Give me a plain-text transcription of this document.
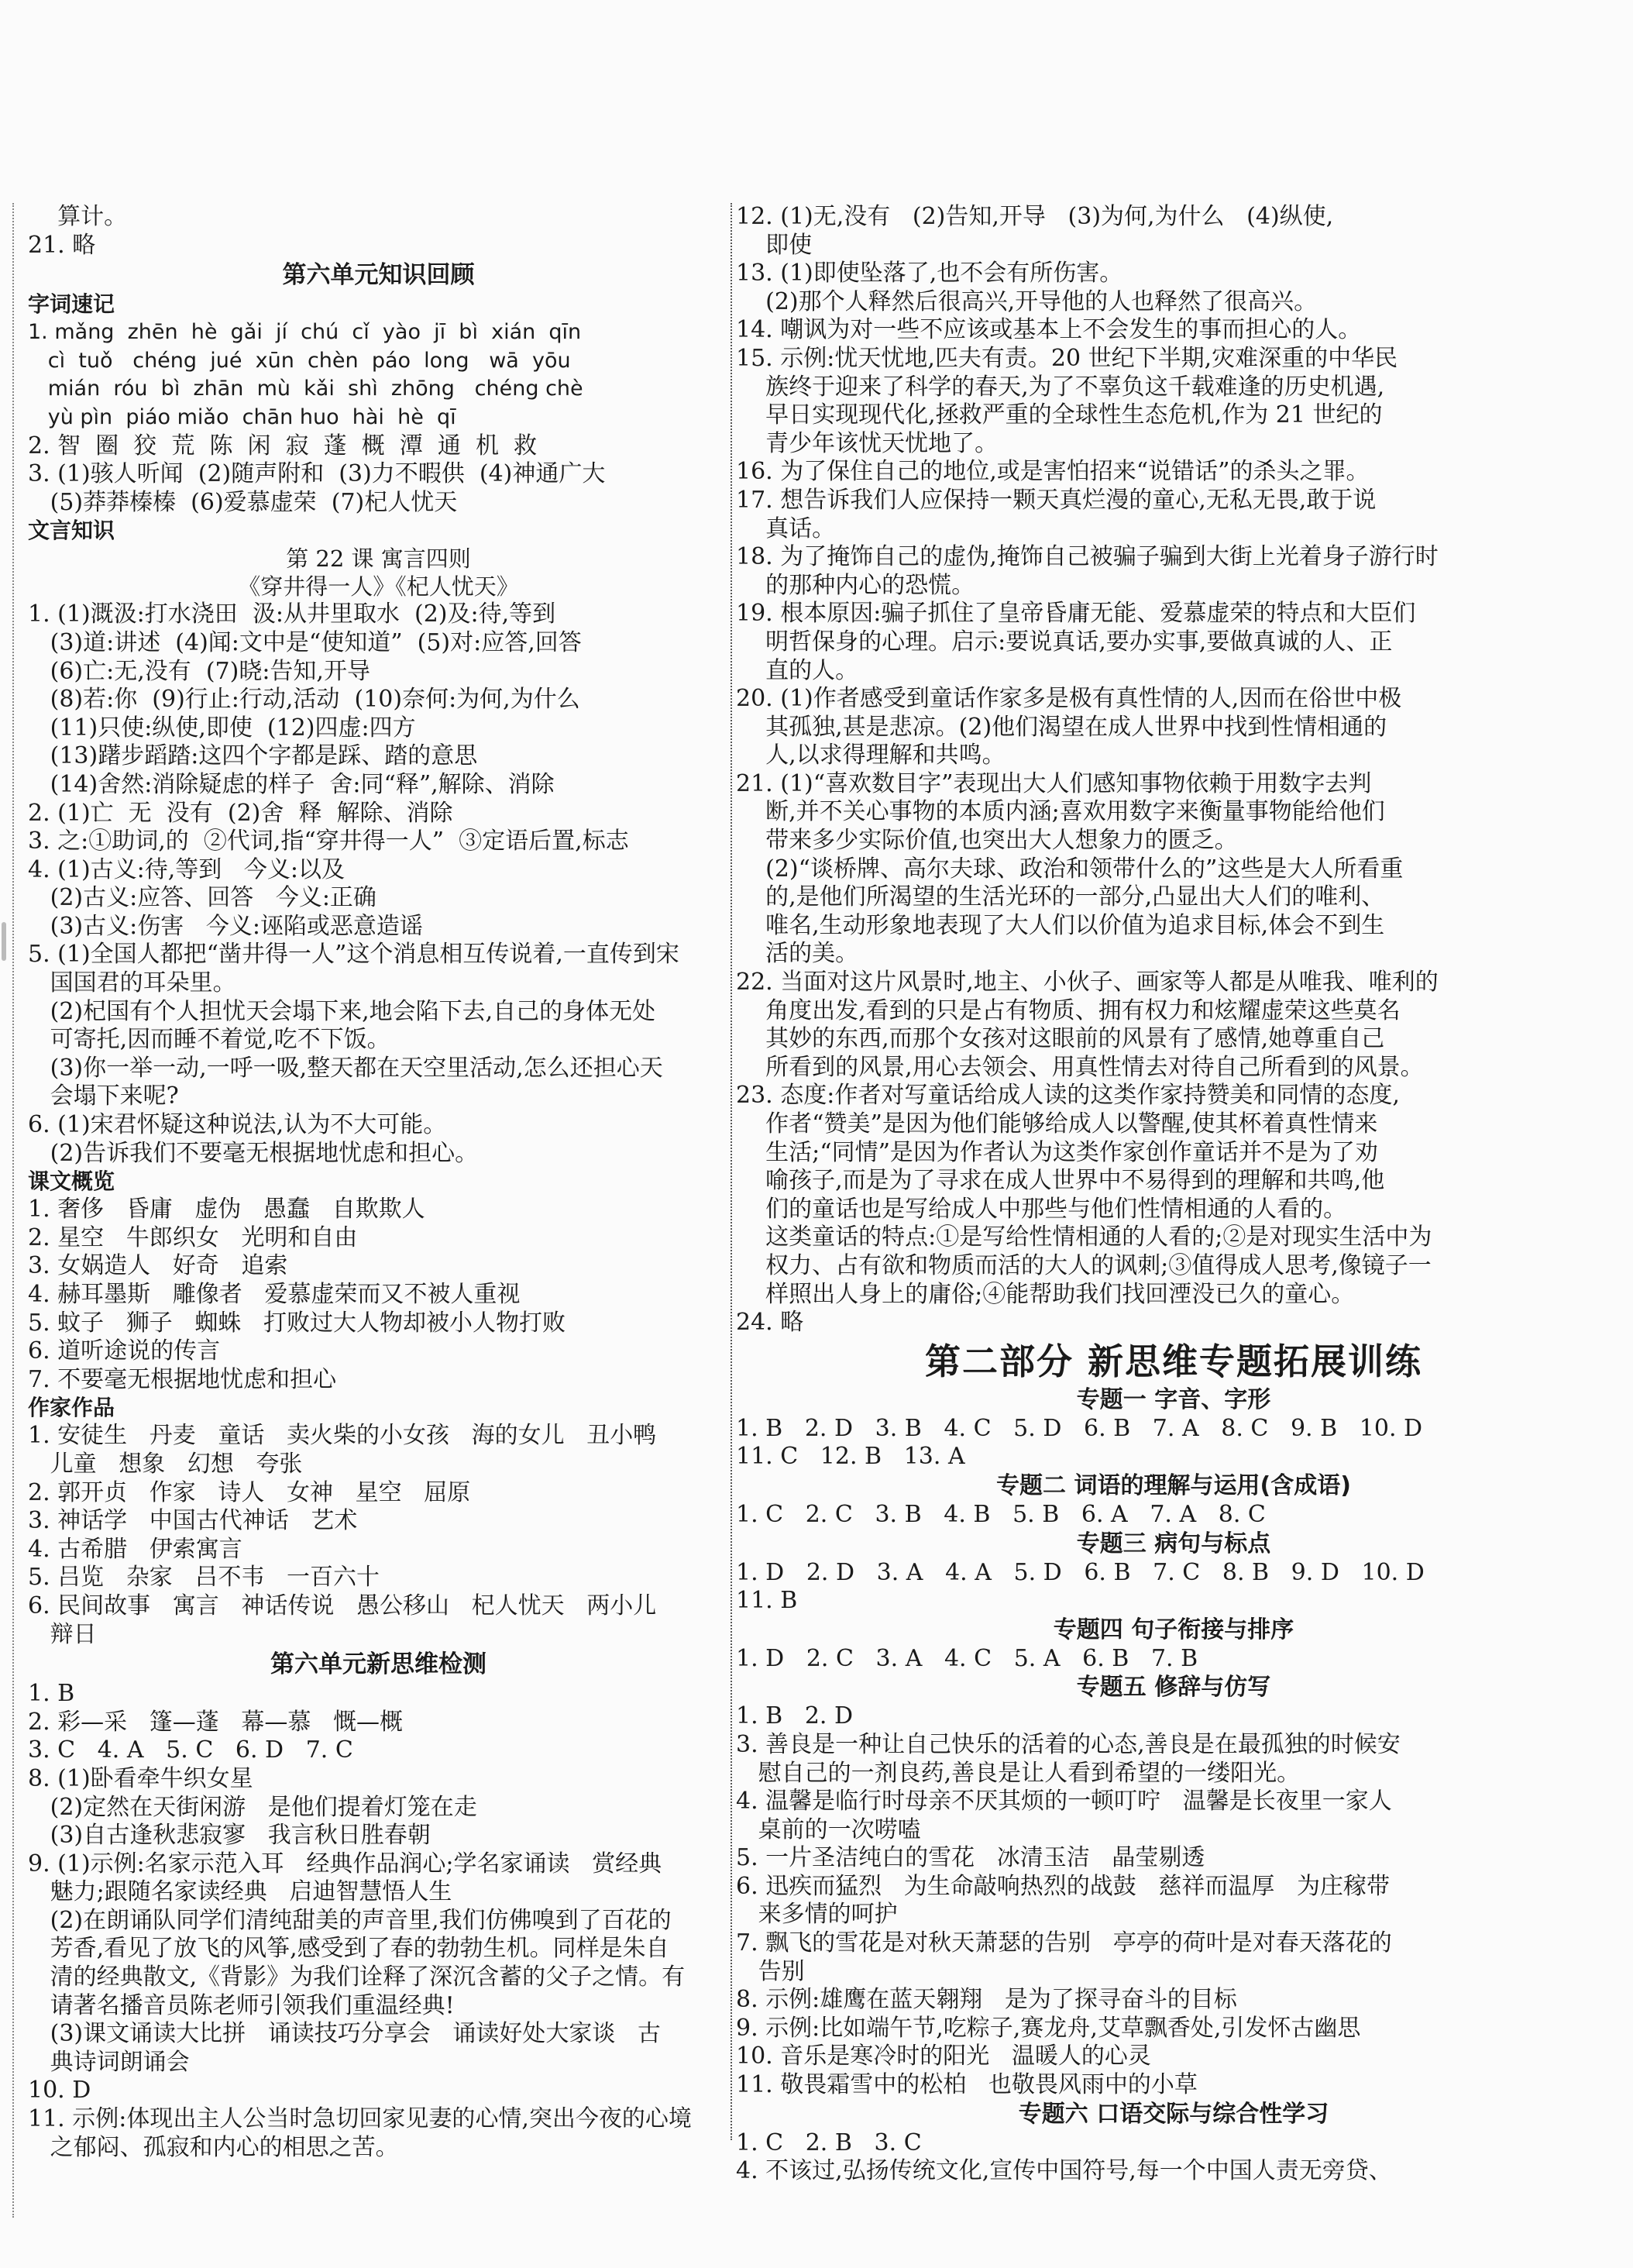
算计。
21. 略
第六单元知识回顾
字词速记
1. mǎng  zhēn  hè  gǎi  jí  chú  cǐ  yào  jī  bì  xián  qīn
cì  tuǒ   chéng  jué  xūn  chèn  páo  long   wā  yōu
mián  róu  bì  zhān  mù  kǎi  shì  zhōng   chéng chè
yù pìn  piáo miǎo  chān huo  hài  hè  qī
2. 智  圈  狡  荒  陈  闲  寂  蓬  概  潭  通  机  救
3. (1)骇人听闻  (2)随声附和  (3)力不暇供  (4)神通广大
(5)莽莽榛榛  (6)爱慕虚荣  (7)杞人忧天
文言知识
第 22 课 寓言四则
《穿井得一人》《杞人忧天》
1. (1)溉汲:打水浇田  汲:从井里取水  (2)及:待,等到
(3)道:讲述  (4)闻:文中是“使知道”  (5)对:应答,回答
(6)亡:无,没有  (7)晓:告知,开导
(8)若:你  (9)行止:行动,活动  (10)奈何:为何,为什么
(11)只使:纵使,即使  (12)四虚:四方
(13)躇步蹈踏:这四个字都是踩、踏的意思
(14)舍然:消除疑虑的样子  舍:同“释”,解除、消除
2. (1)亡  无  没有  (2)舍  释  解除、消除
3. 之:①助词,的  ②代词,指“穿井得一人”  ③定语后置,标志
4. (1)古义:待,等到   今义:以及
(2)古义:应答、回答   今义:正确
(3)古义:伤害   今义:诬陷或恶意造谣
5. (1)全国人都把“凿井得一人”这个消息相互传说着,一直传到宋
国国君的耳朵里。
(2)杞国有个人担忧天会塌下来,地会陷下去,自己的身体无处
可寄托,因而睡不着觉,吃不下饭。
(3)你一举一动,一呼一吸,整天都在天空里活动,怎么还担心天
会塌下来呢?
6. (1)宋君怀疑这种说法,认为不大可能。
(2)告诉我们不要毫无根据地忧虑和担心。
课文概览
1. 奢侈   昏庸   虚伪   愚蠢   自欺欺人
2. 星空   牛郎织女   光明和自由
3. 女娲造人   好奇   追索
4. 赫耳墨斯   雕像者   爱慕虚荣而又不被人重视
5. 蚊子   狮子   蜘蛛   打败过大人物却被小人物打败
6. 道听途说的传言
7. 不要毫无根据地忧虑和担心
作家作品
1. 安徒生   丹麦   童话   卖火柴的小女孩   海的女儿   丑小鸭
儿童   想象   幻想   夸张
2. 郭开贞   作家   诗人   女神   星空   屈原
3. 神话学   中国古代神话   艺术
4. 古希腊   伊索寓言
5. 吕览   杂家   吕不韦   一百六十
6. 民间故事   寓言   神话传说   愚公移山   杞人忧天   两小儿
辩日
第六单元新思维检测
1. B
2. 彩—采   篷—蓬   幕—慕   慨—概
3. C   4. A   5. C   6. D   7. C
8. (1)卧看牵牛织女星
(2)定然在天街闲游   是他们提着灯笼在走
(3)自古逢秋悲寂寥   我言秋日胜春朝
9. (1)示例:名家示范入耳   经典作品润心;学名家诵读   赏经典
魅力;跟随名家读经典   启迪智慧悟人生
(2)在朗诵队同学们清纯甜美的声音里,我们仿佛嗅到了百花的
芳香,看见了放飞的风筝,感受到了春的勃勃生机。同样是朱自
清的经典散文,《背影》为我们诠释了深沉含蓄的父子之情。有
请著名播音员陈老师引领我们重温经典!
(3)课文诵读大比拼   诵读技巧分享会   诵读好处大家谈   古
典诗词朗诵会
10. D
11. 示例:体现出主人公当时急切回家见妻的心情,突出今夜的心境
之郁闷、孤寂和内心的相思之苦。
12. (1)无,没有   (2)告知,开导   (3)为何,为什么   (4)纵使,
即使
13. (1)即使坠落了,也不会有所伤害。
(2)那个人释然后很高兴,开导他的人也释然了很高兴。
14. 嘲讽为对一些不应该或基本上不会发生的事而担心的人。
15. 示例:忧天忧地,匹夫有责。20 世纪下半期,灾难深重的中华民
族终于迎来了科学的春天,为了不辜负这千载难逢的历史机遇,
早日实现现代化,拯救严重的全球性生态危机,作为 21 世纪的
青少年该忧天忧地了。
16. 为了保住自己的地位,或是害怕招来“说错话”的杀头之罪。
17. 想告诉我们人应保持一颗天真烂漫的童心,无私无畏,敢于说
真话。
18. 为了掩饰自己的虚伪,掩饰自己被骗子骗到大街上光着身子游行时
的那种内心的恐慌。
19. 根本原因:骗子抓住了皇帝昏庸无能、爱慕虚荣的特点和大臣们
明哲保身的心理。启示:要说真话,要办实事,要做真诚的人、正
直的人。
20. (1)作者感受到童话作家多是极有真性情的人,因而在俗世中极
其孤独,甚是悲凉。(2)他们渴望在成人世界中找到性情相通的
人,以求得理解和共鸣。
21. (1)“喜欢数目字”表现出大人们感知事物依赖于用数字去判
断,并不关心事物的本质内涵;喜欢用数字来衡量事物能给他们
带来多少实际价值,也突出大人想象力的匮乏。
(2)“谈桥牌、高尔夫球、政治和领带什么的”这些是大人所看重
的,是他们所渴望的生活光环的一部分,凸显出大人们的唯利、
唯名,生动形象地表现了大人们以价值为追求目标,体会不到生
活的美。
22. 当面对这片风景时,地主、小伙子、画家等人都是从唯我、唯利的
角度出发,看到的只是占有物质、拥有权力和炫耀虚荣这些莫名
其妙的东西,而那个女孩对这眼前的风景有了感情,她尊重自己
所看到的风景,用心去领会、用真性情去对待自己所看到的风景。
23. 态度:作者对写童话给成人读的这类作家持赞美和同情的态度,
作者“赞美”是因为他们能够给成人以警醒,使其杯着真性情来
生活;“同情”是因为作者认为这类作家创作童话并不是为了劝
喻孩子,而是为了寻求在成人世界中不易得到的理解和共鸣,他
们的童话也是写给成人中那些与他们性情相通的人看的。
这类童话的特点:①是写给性情相通的人看的;②是对现实生活中为
权力、占有欲和物质而活的大人的讽刺;③值得成人思考,像镜子一
样照出人身上的庸俗;④能帮助我们找回湮没已久的童心。
24. 略
第二部分 新思维专题拓展训练
专题一 字音、字形
1. B   2. D   3. B   4. C   5. D   6. B   7. A   8. C   9. B   10. D
11. C   12. B   13. A
专题二 词语的理解与运用(含成语)
1. C   2. C   3. B   4. B   5. B   6. A   7. A   8. C
专题三 病句与标点
1. D   2. D   3. A   4. A   5. D   6. B   7. C   8. B   9. D   10. D
11. B
专题四 句子衔接与排序
1. D   2. C   3. A   4. C   5. A   6. B   7. B
专题五 修辞与仿写
1. B   2. D
3. 善良是一种让自己快乐的活着的心态,善良是在最孤独的时候安
慰自己的一剂良药,善良是让人看到希望的一缕阳光。
4. 温馨是临行时母亲不厌其烦的一顿叮咛   温馨是长夜里一家人
桌前的一次唠嗑
5. 一片圣洁纯白的雪花   冰清玉洁   晶莹剔透
6. 迅疾而猛烈   为生命敲响热烈的战鼓   慈祥而温厚   为庄稼带
来多情的呵护
7. 飘飞的雪花是对秋天萧瑟的告别   亭亭的荷叶是对春天落花的
告别
8. 示例:雄鹰在蓝天翱翔   是为了探寻奋斗的目标
9. 示例:比如端午节,吃粽子,赛龙舟,艾草飘香处,引发怀古幽思
10. 音乐是寒冷时的阳光   温暖人的心灵
11. 敬畏霜雪中的松柏   也敬畏风雨中的小草
专题六 口语交际与综合性学习
1. C   2. B   3. C
4. 不该过,弘扬传统文化,宣传中国符号,每一个中国人责无旁贷、
